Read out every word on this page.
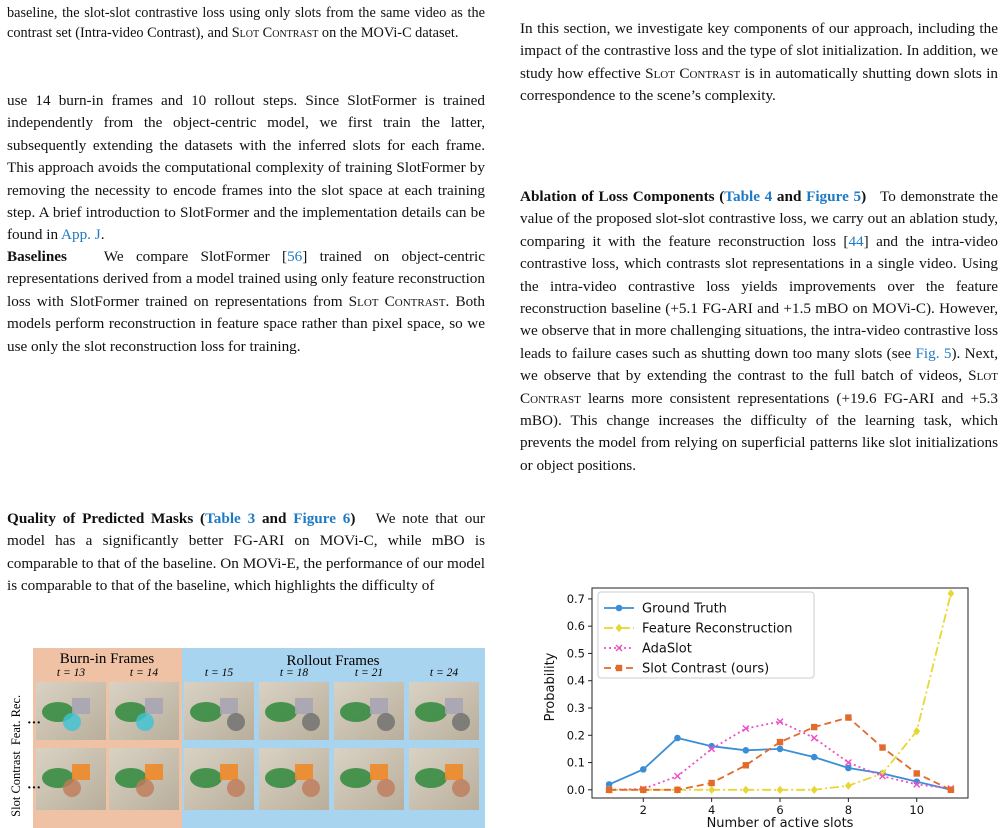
baseline, the slot-slot contrastive loss using only slots from the same video as the contrast set (Intra-video Contrast), and Slot Contrast on the MOVi-C dataset.

use 14 burn-in frames and 10 rollout steps. Since SlotFormer is trained independently from the object-centric model, we first train the latter, subsequently extending the datasets with the inferred slots for each frame. This approach avoids the computational complexity of training SlotFormer by removing the necessity to encode frames into the slot space at each training step. A brief introduction to SlotFormer and the implementation details can be found in App. J.

Baselines We compare SlotFormer [56] trained on object-centric representations derived from a model trained using only feature reconstruction loss with SlotFormer trained on representations from Slot Contrast. Both models perform reconstruction in feature space rather than pixel space, so we use only the slot reconstruction loss for training.

Quality of Predicted Masks (Table 3 and Figure 6) We note that our model has a significantly better FG-ARI on MOVi-C, while mBO is comparable to that of the baseline. On MOVi-E, the performance of our model is comparable to that of the baseline, which highlights the difficulty of

Burn-in Frames	Rollout Frames
t = 13	t = 14	t = 15	t = 18	t = 21	t = 24
Feat. Rec.
Slot Contrast
···
···

In this section, we investigate key components of our approach, including the impact of the contrastive loss and the type of slot initialization. In addition, we study how effective Slot Contrast is in automatically shutting down slots in correspondence to the scene’s complexity.

Ablation of Loss Components (Table 4 and Figure 5) To demonstrate the value of the proposed slot-slot contrastive loss, we carry out an ablation study, comparing it with the feature reconstruction loss [44] and the intra-video contrastive loss, which contrasts slot representations in a single video. Using the intra-video contrastive loss yields improvements over the feature reconstruction baseline (+5.1 FG-ARI and +1.5 mBO on MOVi-C). However, we observe that in more challenging situations, the intra-video contrastive loss leads to failure cases such as shutting down too many slots (see Fig. 5). Next, we observe that by extending the contrast to the full batch of videos, Slot Contrast learns more consistent representations (+19.6 FG-ARI and +5.3 mBO). This change increases the difficulty of the learning task, which prevents the model from relying on superficial patterns like slot initializations or object positions.

0.0
0.1
0.2
0.3
0.4
0.5
0.6
0.7
2	4	6	8	10
Number of active slots
Probability
Ground Truth
Feature Reconstruction
AdaSlot
Slot Contrast (ours)
